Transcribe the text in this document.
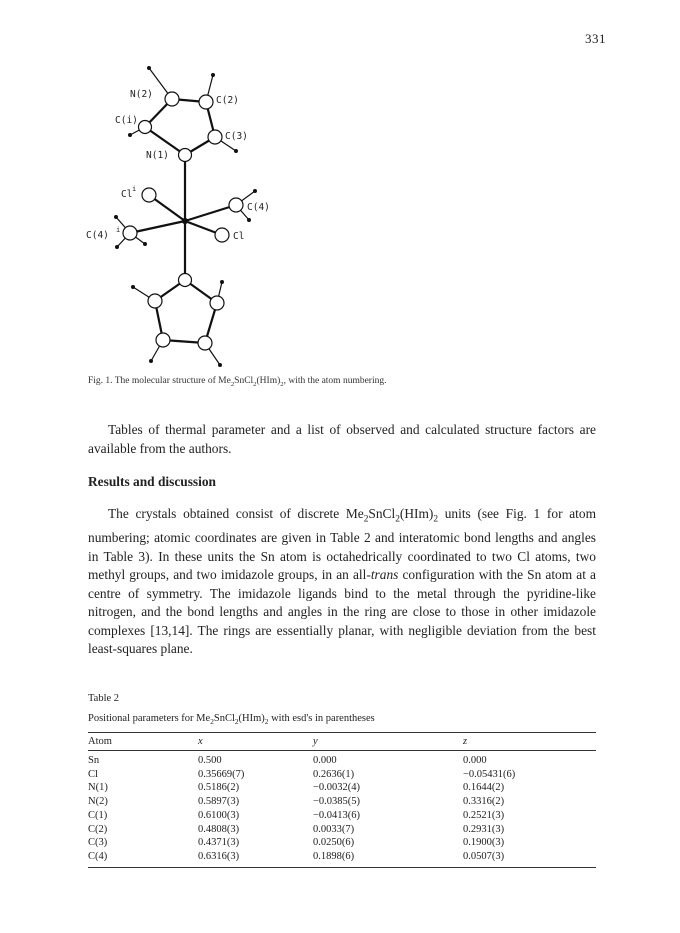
331
N(2)
C(2)
C(i)
C(3)
N(1)
Cl i
C(4)
C(4) i
Cl
Fig. 1. The molecular structure of $Me_2SnCl_2(HIm)_2$, with the atom numbering.

Tables of thermal parameter and a list of observed and calculated structure factors are available from the authors.

Results and discussion

The crystals obtained consist of discrete $Me_2SnCl_2(HIm)_2$ units (see Fig. 1 for atom numbering; atomic coordinates are given in Table 2 and interatomic bond lengths and angles in Table 3). In these units the Sn atom is octahedrically coordinated to two Cl atoms, two methyl groups, and two imidazole groups, in an all-trans configuration with the Sn atom at a centre of symmetry. The imidazole ligands bind to the metal through the pyridine-like nitrogen, and the bond lengths and angles in the ring are close to those in other imidazole complexes [13,14]. The rings are essentially planar, with negligible deviation from the best least-squares plane.

Table 2

Positional parameters for $Me_2SnCl_2(HIm)_2$ with esd's in parentheses

Atom	x	y	z
Sn	0.500	0.000	0.000
Cl	0.35669(7)	0.2636(1)	−0.05431(6)
N(1)	0.5186(2)	−0.0032(4)	0.1644(2)
N(2)	0.5897(3)	−0.0385(5)	0.3316(2)
C(1)	0.6100(3)	−0.0413(6)	0.2521(3)
C(2)	0.4808(3)	0.0033(7)	0.2931(3)
C(3)	0.4371(3)	0.0250(6)	0.1900(3)
C(4)	0.6316(3)	0.1898(6)	0.0507(3)
